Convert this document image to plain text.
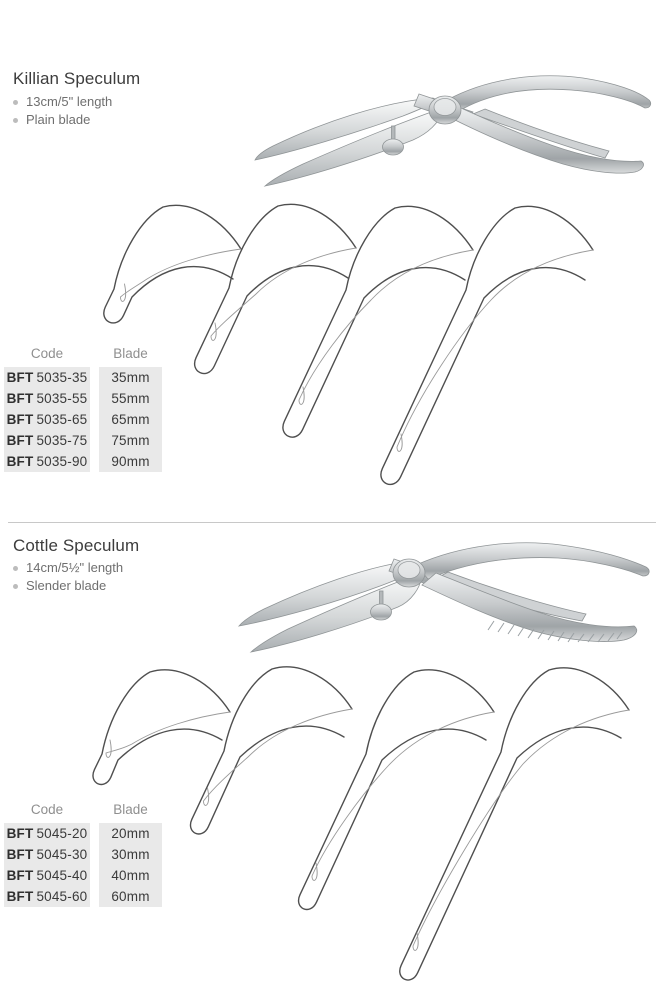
Killian Speculum
13cm/5" length
Plain blade
Code	Blade
BFT 5035-35	35mm
BFT 5035-55	55mm
BFT 5035-65	65mm
BFT 5035-75	75mm
BFT 5035-90	90mm
Cottle Speculum
14cm/5½" length
Slender blade
Code	Blade
BFT 5045-20	20mm
BFT 5045-30	30mm
BFT 5045-40	40mm
BFT 5045-60	60mm
